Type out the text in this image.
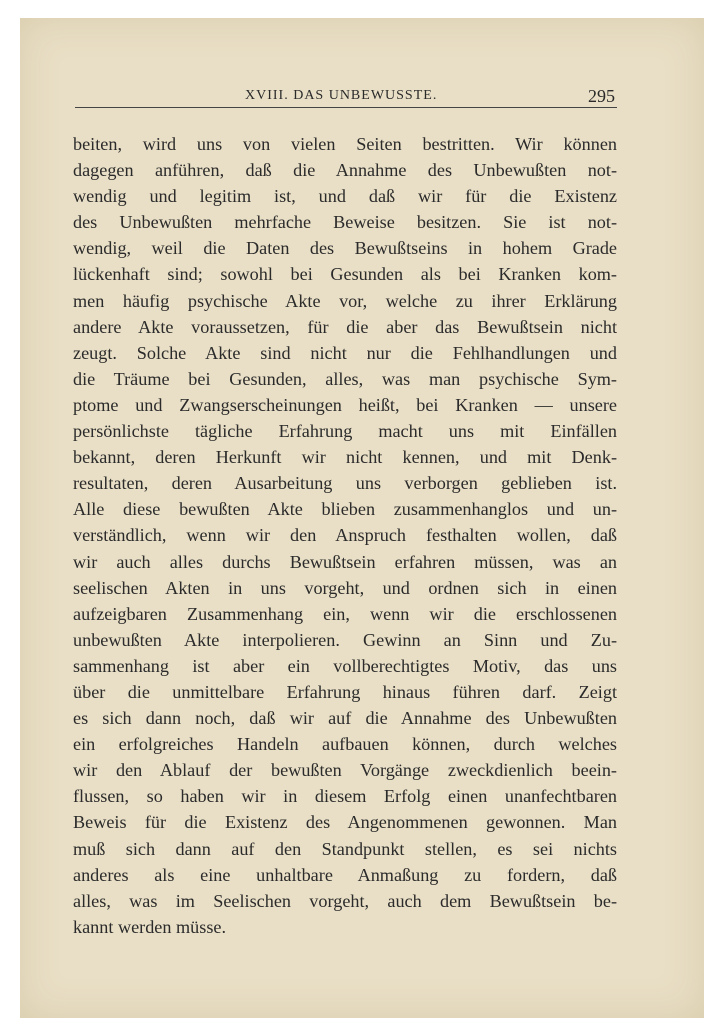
XVIII. DAS UNBEWUSSTE.	295
beiten, wird uns von vielen Seiten bestritten. Wir können
dagegen anführen, daß die Annahme des Unbewußten not-
wendig und legitim ist, und daß wir für die Existenz
des Unbewußten mehrfache Beweise besitzen. Sie ist not-
wendig, weil die Daten des Bewußtseins in hohem Grade
lückenhaft sind; sowohl bei Gesunden als bei Kranken kom-
men häufig psychische Akte vor, welche zu ihrer Erklärung
andere Akte voraussetzen, für die aber das Bewußtsein nicht
zeugt. Solche Akte sind nicht nur die Fehlhandlungen und
die Träume bei Gesunden, alles, was man psychische Sym-
ptome und Zwangserscheinungen heißt, bei Kranken — unsere
persönlichste tägliche Erfahrung macht uns mit Einfällen
bekannt, deren Herkunft wir nicht kennen, und mit Denk-
resultaten, deren Ausarbeitung uns verborgen geblieben ist.
Alle diese bewußten Akte blieben zusammenhanglos und un-
verständlich, wenn wir den Anspruch festhalten wollen, daß
wir auch alles durchs Bewußtsein erfahren müssen, was an
seelischen Akten in uns vorgeht, und ordnen sich in einen
aufzeigbaren Zusammenhang ein, wenn wir die erschlossenen
unbewußten Akte interpolieren. Gewinn an Sinn und Zu-
sammenhang ist aber ein vollberechtigtes Motiv, das uns
über die unmittelbare Erfahrung hinaus führen darf. Zeigt
es sich dann noch, daß wir auf die Annahme des Unbewußten
ein erfolgreiches Handeln aufbauen können, durch welches
wir den Ablauf der bewußten Vorgänge zweckdienlich beein-
flussen, so haben wir in diesem Erfolg einen unanfechtbaren
Beweis für die Existenz des Angenommenen gewonnen. Man
muß sich dann auf den Standpunkt stellen, es sei nichts
anderes als eine unhaltbare Anmaßung zu fordern, daß
alles, was im Seelischen vorgeht, auch dem Bewußtsein be-
kannt werden müsse.
